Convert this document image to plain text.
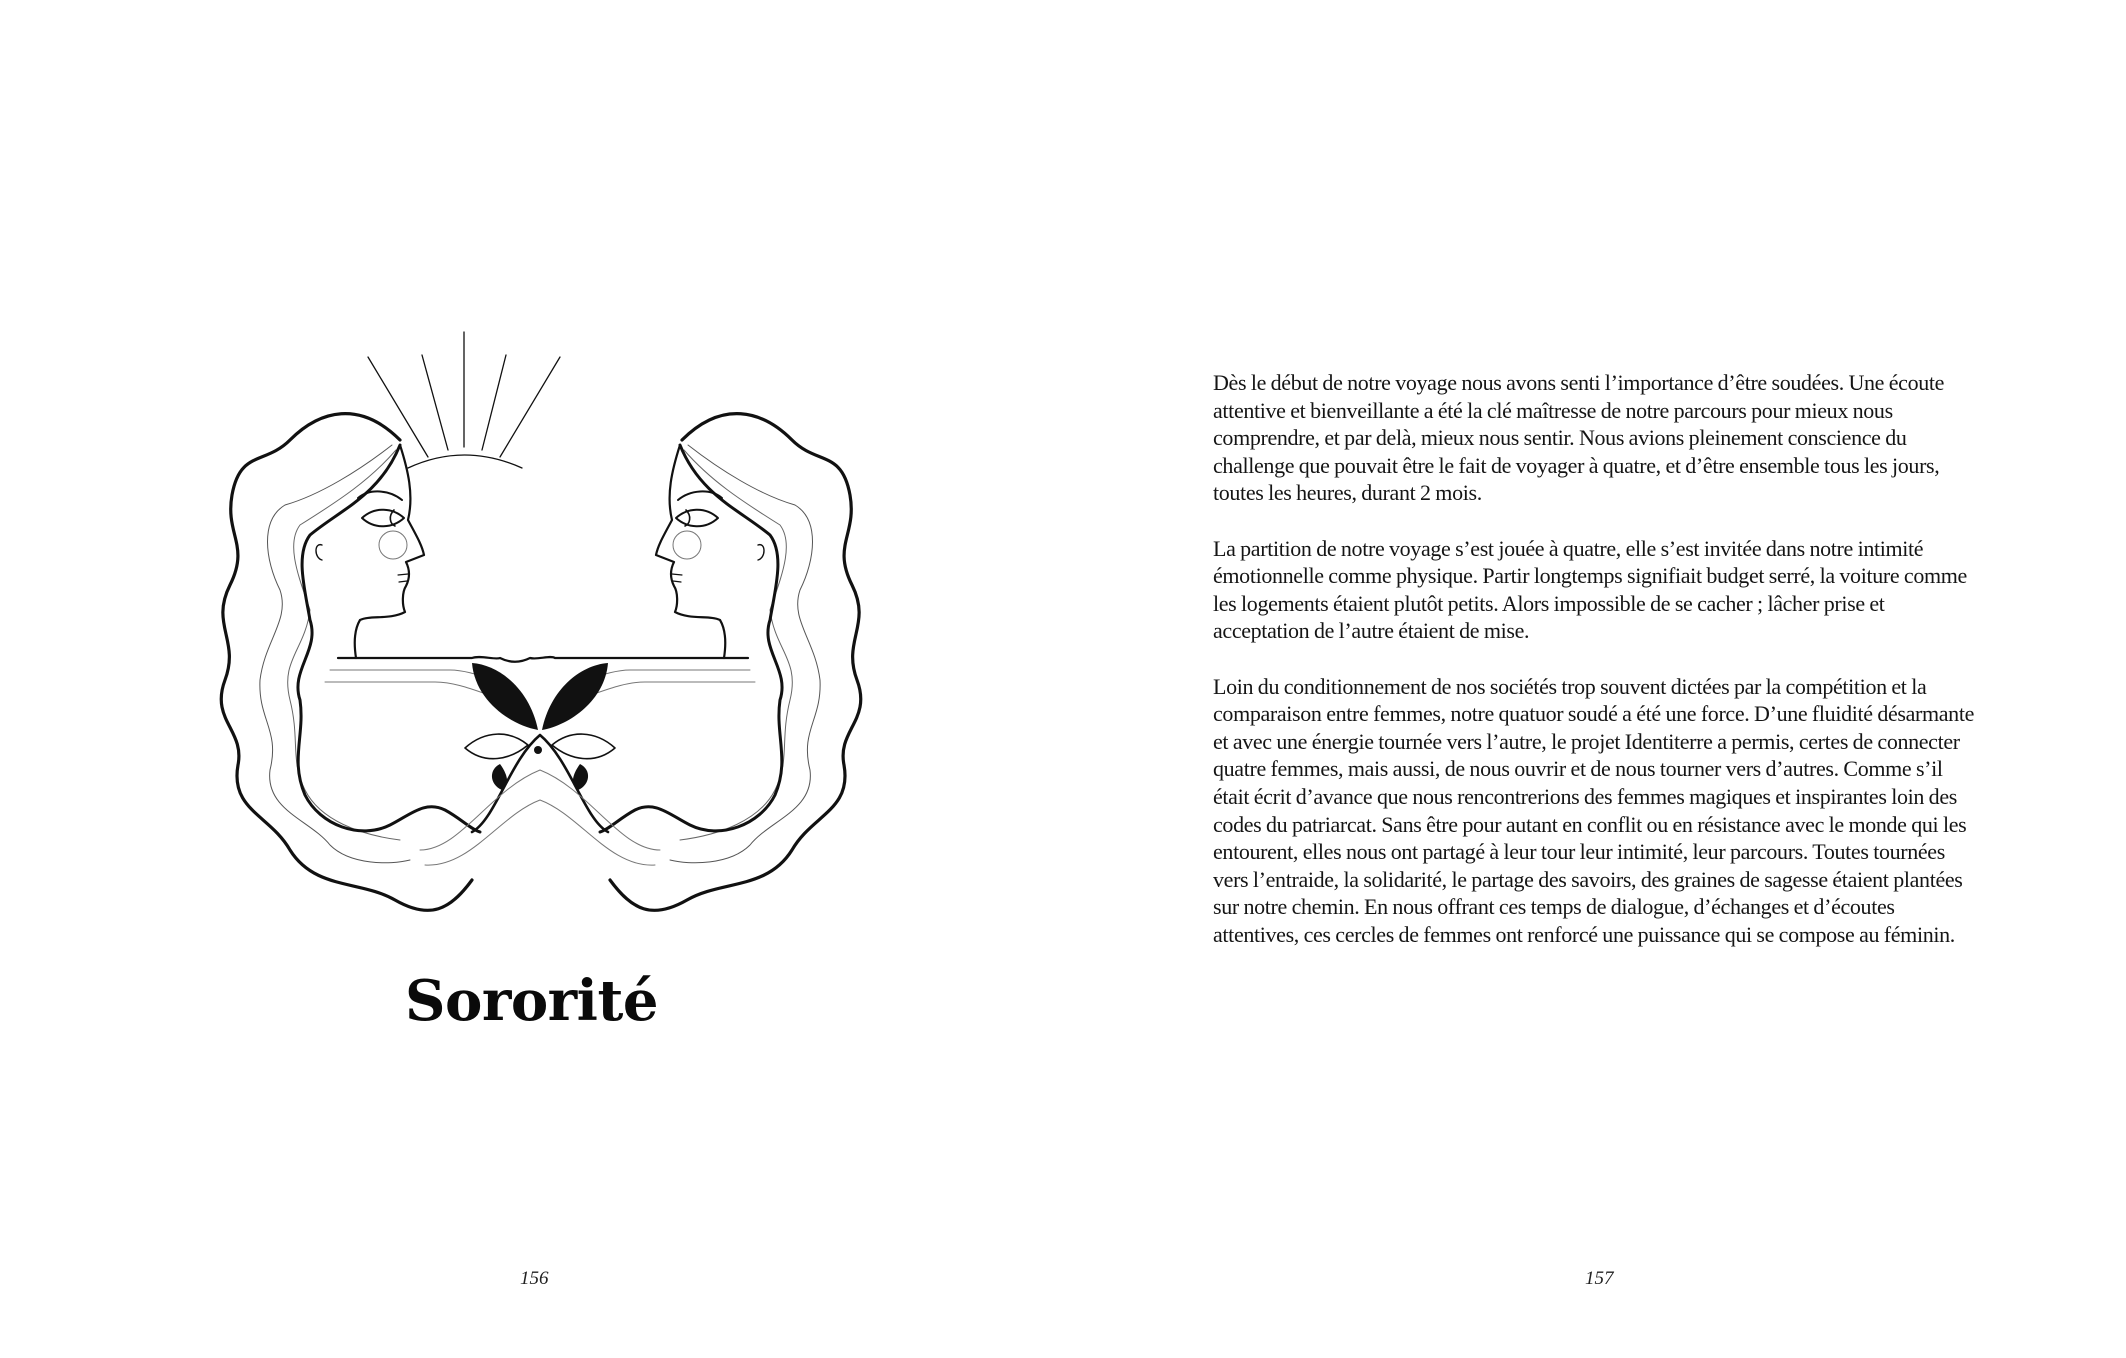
Sororité
156

Dès le début de notre voyage nous avons senti l’importance d’être soudées. Une écoute attentive et bienveillante a été la clé maîtresse de notre parcours pour mieux nous comprendre, et par delà, mieux nous sentir. Nous avions pleinement conscience du challenge que pouvait être le fait de voyager à quatre, et d’être ensemble tous les jours, toutes les heures, durant 2 mois.

La partition de notre voyage s’est jouée à quatre, elle s’est invitée dans notre intimité émotionnelle comme physique. Partir longtemps signifiait budget serré, la voiture comme les logements étaient plutôt petits. Alors impossible de se cacher ; lâcher prise et acceptation de l’autre étaient de mise.

Loin du conditionnement de nos sociétés trop souvent dictées par la compétition et la comparaison entre femmes, notre quatuor soudé a été une force. D’une fluidité désarmante et avec une énergie tournée vers l’autre, le projet Identiterre a permis, certes de connecter quatre femmes, mais aussi, de nous ouvrir et de nous tourner vers d’autres. Comme s’il était écrit d’avance que nous rencontrerions des femmes magiques et inspirantes loin des codes du patriarcat. Sans être pour autant en conflit ou en résistance avec le monde qui les entourent, elles nous ont partagé à leur tour leur intimité, leur parcours. Toutes tournées vers l’entraide, la solidarité, le partage des savoirs, des graines de sagesse étaient plantées sur notre chemin. En nous offrant ces temps de dialogue, d’échanges et d’écoutes attentives, ces cercles de femmes ont renforcé une puissance qui se compose au féminin.

157
